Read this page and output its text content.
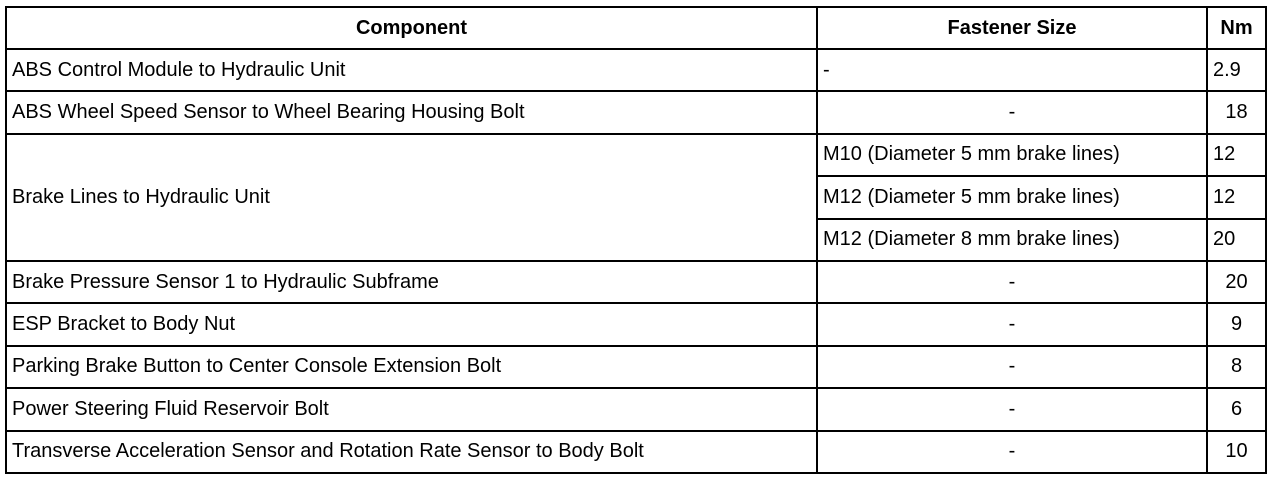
Component	Fastener Size	Nm
ABS Control Module to Hydraulic Unit	-	2.9
ABS Wheel Speed Sensor to Wheel Bearing Housing Bolt	-	18
Brake Lines to Hydraulic Unit	M10 (Diameter 5 mm brake lines)	12
	M12 (Diameter 5 mm brake lines)	12
	M12 (Diameter 8 mm brake lines)	20
Brake Pressure Sensor 1 to Hydraulic Subframe	-	20
ESP Bracket to Body Nut	-	9
Parking Brake Button to Center Console Extension Bolt	-	8
Power Steering Fluid Reservoir Bolt	-	6
Transverse Acceleration Sensor and Rotation Rate Sensor to Body Bolt	-	10
